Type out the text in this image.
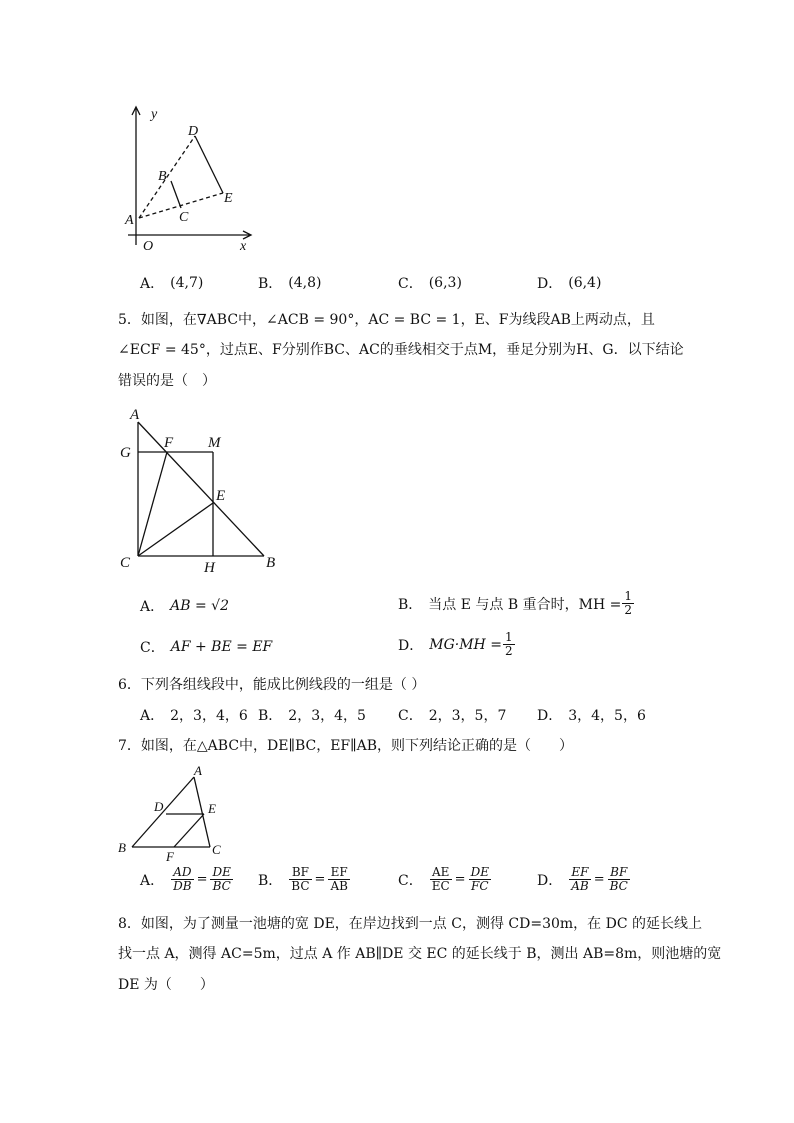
y
x
O
A
B
C
D
E
A． (4,7)	B． (4,8)	C． (6,3)	D． (6,4)
5．如图，在∇ABC中，∠ACB = 90°，AC = BC = 1，E、F为线段AB上两动点，且
∠ECF = 45°，过点E、F分别作BC、AC的垂线相交于点M，垂足分别为H、G．以下结论
错误的是（　）
A
G
F M
E
C	H	B
A． AB = √2	B． 当点 E 与点 B 重合时，MH = $\frac{1}{2}$
C． AF + BE = EF	D． $MG\cdot MH = \frac{1}{2}$
6．下列各组线段中，能成比例线段的一组是（ ）
A． 2，3，4，6 B． 2，3，4，5 C． 2，3，5，7 D． 3，4，5，6
7．如图，在△ABC中，DE∥BC，EF∥AB，则下列结论正确的是（　　）
A
D	E
B	C
F
A． $\frac{AD}{DB} = \frac{DE}{BC}$ B． $\frac{BF}{BC} = \frac{EF}{AB}$	C． $\frac{AE}{EC} = \frac{DE}{FC}$	D． $\frac{EF}{AB} = \frac{BF}{BC}$
8．如图，为了测量一池塘的宽 DE，在岸边找到一点 C，测得 CD=30m，在 DC 的延长线上
找一点 A，测得 AC=5m，过点 A 作 AB∥DE 交 EC 的延长线于 B，测出 AB=8m，则池塘的宽
DE 为（　　）
